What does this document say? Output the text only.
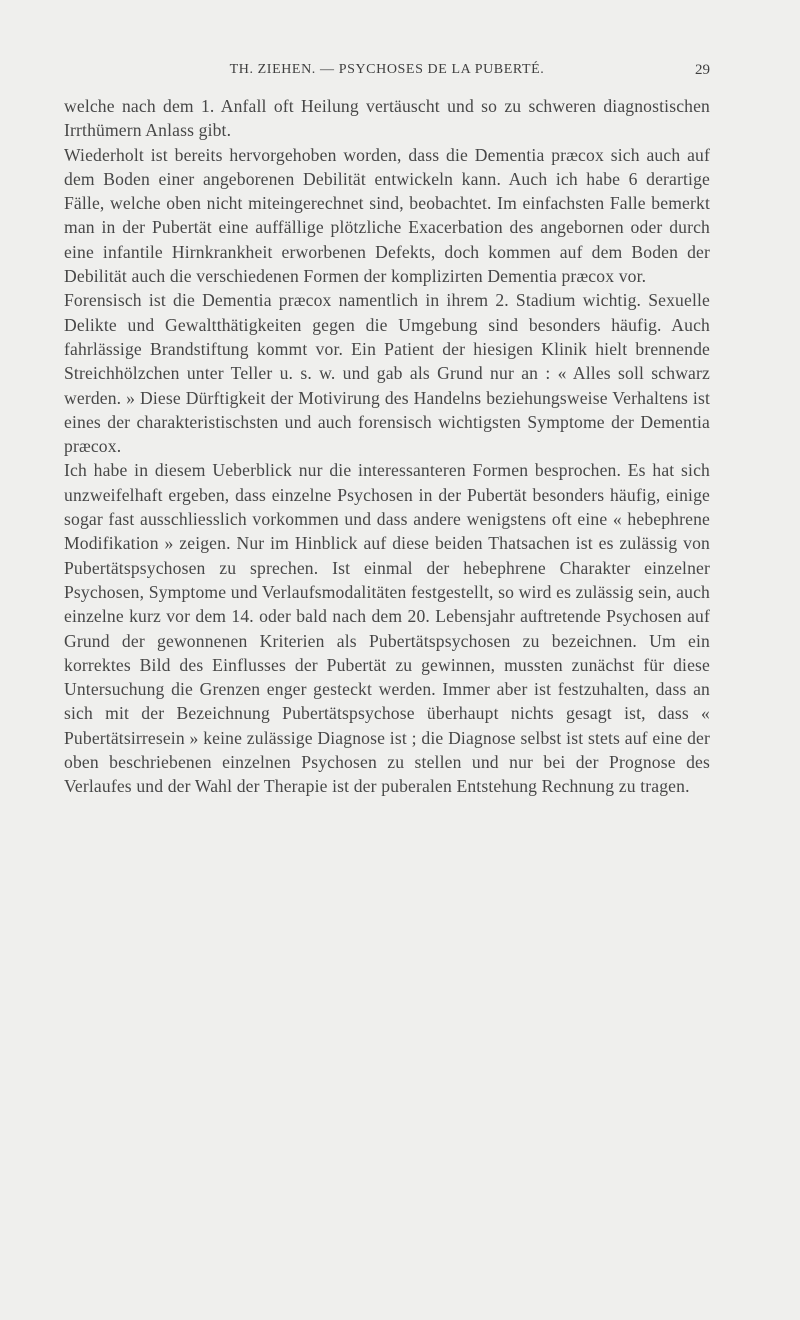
TH. ZIEHEN. — PSYCHOSES DE LA PUBERTÉ.	29

welche nach dem 1. Anfall oft Heilung vertäuscht und so zu schweren diagnostischen Irrthümern Anlass gibt.

Wiederholt ist bereits hervorgehoben worden, dass die Dementia præcox sich auch auf dem Boden einer angeborenen Debilität entwickeln kann. Auch ich habe 6 derartige Fälle, welche oben nicht miteingerechnet sind, beobachtet. Im einfachsten Falle bemerkt man in der Pubertät eine auffällige plötzliche Exacerbation des angebornen oder durch eine infantile Hirnkrankheit erworbenen Defekts, doch kommen auf dem Boden der Debilität auch die verschiedenen Formen der komplizirten Dementia præcox vor.

Forensisch ist die Dementia præcox namentlich in ihrem 2. Stadium wichtig. Sexuelle Delikte und Gewaltthätigkeiten gegen die Umgebung sind besonders häufig. Auch fahrlässige Brandstiftung kommt vor. Ein Patient der hiesigen Klinik hielt brennende Streichhölzchen unter Teller u. s. w. und gab als Grund nur an : « Alles soll schwarz werden. » Diese Dürftigkeit der Motivirung des Handelns beziehungsweise Verhaltens ist eines der charakteristischsten und auch forensisch wichtigsten Symptome der Dementia præcox.

Ich habe in diesem Ueberblick nur die interessanteren Formen besprochen. Es hat sich unzweifelhaft ergeben, dass einzelne Psychosen in der Pubertät besonders häufig, einige sogar fast ausschliesslich vorkommen und dass andere wenigstens oft eine « hebephrene Modifikation » zeigen. Nur im Hinblick auf diese beiden Thatsachen ist es zulässig von Pubertätspsychosen zu sprechen. Ist einmal der hebephrene Charakter einzelner Psychosen, Symptome und Verlaufsmodalitäten festgestellt, so wird es zulässig sein, auch einzelne kurz vor dem 14. oder bald nach dem 20. Lebensjahr auftretende Psychosen auf Grund der gewonnenen Kriterien als Pubertätspsychosen zu bezeichnen. Um ein korrektes Bild des Einflusses der Pubertät zu gewinnen, mussten zunächst für diese Untersuchung die Grenzen enger gesteckt werden. Immer aber ist festzuhalten, dass an sich mit der Bezeichnung Pubertätspsychose überhaupt nichts gesagt ist, dass « Pubertätsirresein » keine zulässige Diagnose ist ; die Diagnose selbst ist stets auf eine der oben beschriebenen einzelnen Psychosen zu stellen und nur bei der Prognose des Verlaufes und der Wahl der Therapie ist der puberalen Entstehung Rechnung zu tragen.
